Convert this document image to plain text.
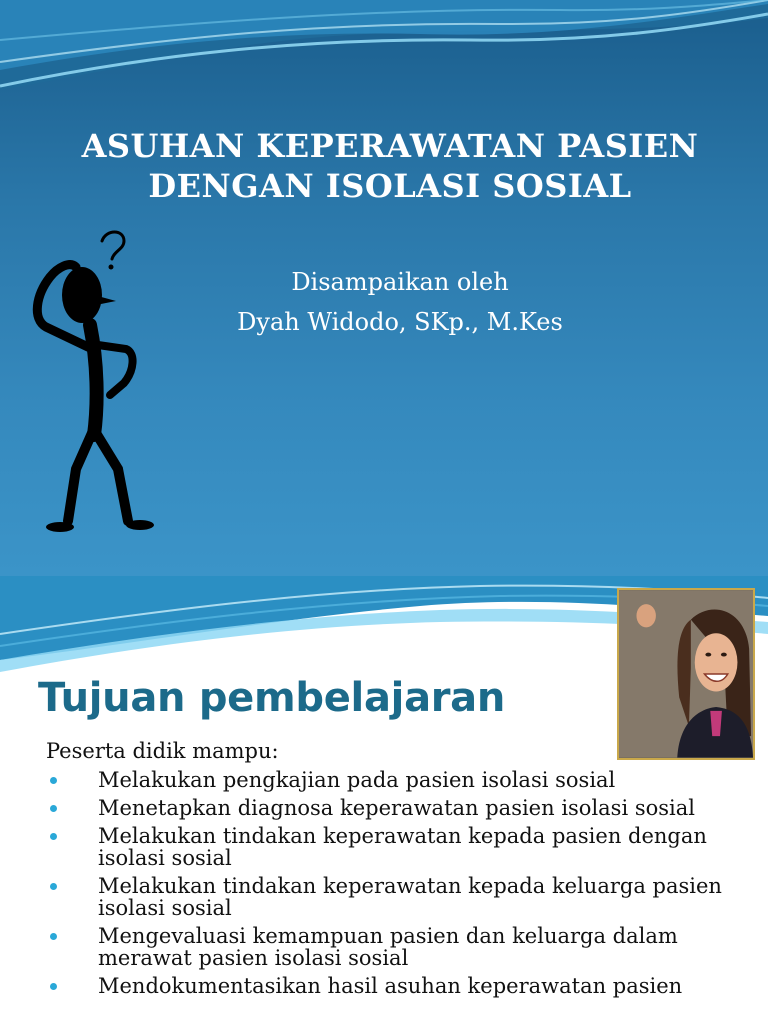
ASUHAN KEPERAWATAN PASIEN
DENGAN ISOLASI SOSIAL
Disampaikan oleh
Dyah Widodo, SKp., M.Kes
Tujuan pembelajaran
Peserta didik mampu:
Melakukan pengkajian pada pasien isolasi sosial
Menetapkan diagnosa keperawatan pasien isolasi sosial
Melakukan tindakan keperawatan kepada pasien dengan isolasi sosial
Melakukan tindakan keperawatan kepada keluarga pasien isolasi sosial
Mengevaluasi kemampuan pasien dan keluarga dalam merawat pasien isolasi sosial
Mendokumentasikan hasil asuhan keperawatan pasien
